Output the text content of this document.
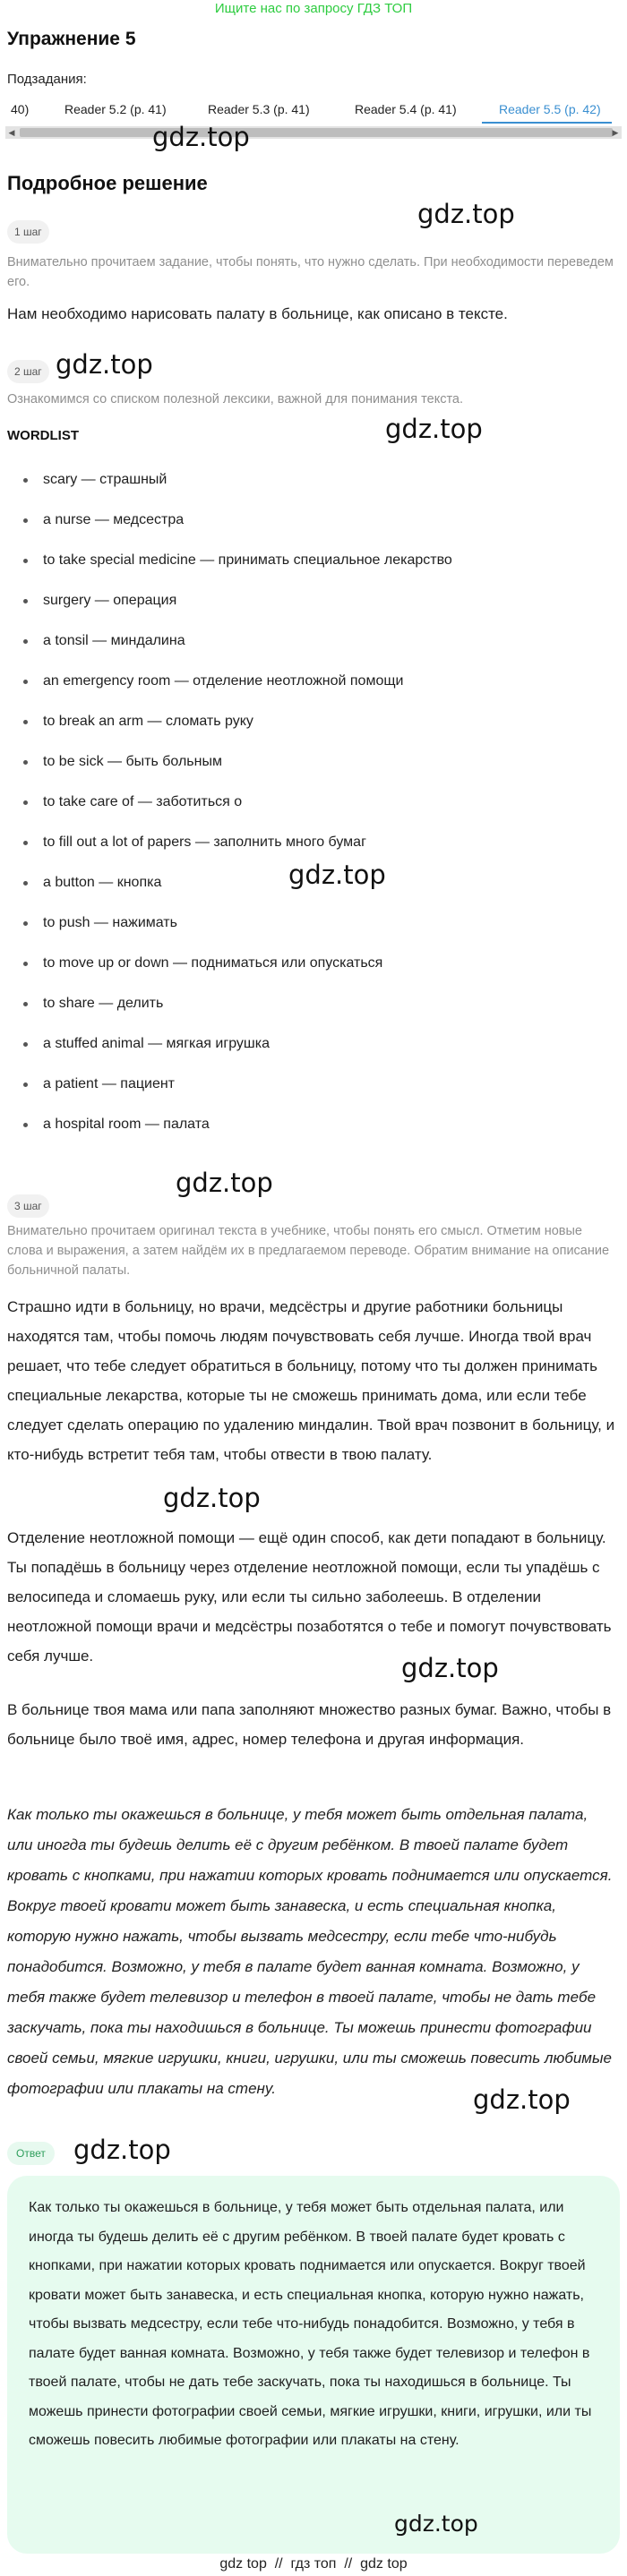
Ищите нас по запросу ГДЗ ТОП
Упражнение 5
Подзадания:
40)	Reader 5.2 (p. 41)	Reader 5.3 (p. 41)	Reader 5.4 (p. 41)	Reader 5.5 (p. 42)
◀	▶
gdz.top
Подробное решение
1 шаг
gdz.top
Внимательно прочитаем задание, чтобы понять, что нужно сделать. При необходимости переведем его.
Нам необходимо нарисовать палату в больнице, как описано в тексте.
2 шаг gdz.top
Ознакомимся со списком полезной лексики, важной для понимания текста.
WORDLIST	gdz.top
scary — страшный
a nurse — медсестра
to take special medicine — принимать специальное лекарство
surgery — операция
a tonsil — миндалина
an emergency room — отделение неотложной помощи
to break an arm — сломать руку
to be sick — быть больным
to take care of — заботиться о
to fill out a lot of papers — заполнить много бумаг
a button — кнопка
to push — нажимать
to move up or down — подниматься или опускаться
to share — делить
a stuffed animal — мягкая игрушка
a patient — пациент
a hospital room — палата
gdz.top
gdz.top
3 шаг
Внимательно прочитаем оригинал текста в учебнике, чтобы понять его смысл. Отметим новые слова и выражения, а затем найдём их в предлагаемом переводе. Обратим внимание на описание больничной палаты.

Страшно идти в больницу, но врачи, медсёстры и другие работники больницы находятся там, чтобы помочь людям почувствовать себя лучше. Иногда твой врач решает, что тебе следует обратиться в больницу, потому что ты должен принимать специальные лекарства, которые ты не сможешь принимать дома, или если тебе следует сделать операцию по удалению миндалин. Твой врач позвонит в больницу, и кто-нибудь встретит тебя там, чтобы отвести в твою палату.

gdz.top

Отделение неотложной помощи — ещё один способ, как дети попадают в больницу. Ты попадёшь в больницу через отделение неотложной помощи, если ты упадёшь с велосипеда и сломаешь руку, или если ты сильно заболеешь. В отделении неотложной помощи врачи и медсёстры позаботятся о тебе и помогут почувствовать себя лучше.	gdz.top

В больнице твоя мама или папа заполняют множество разных бумаг. Важно, чтобы в больнице было твоё имя, адрес, номер телефона и другая информация.

Как только ты окажешься в больнице, у тебя может быть отдельная палата, или иногда ты будешь делить её с другим ребёнком. В твоей палате будет кровать с кнопками, при нажатии которых кровать поднимается или опускается. Вокруг твоей кровати может быть занавеска, и есть специальная кнопка, которую нужно нажать, чтобы вызвать медсестру, если тебе что-нибудь понадобится. Возможно, у тебя в палате будет ванная комната. Возможно, у тебя также будет телевизор и телефон в твоей палате, чтобы не дать тебе заскучать, пока ты находишься в больнице. Ты можешь принести фотографии своей семьи, мягкие игрушки, книги, игрушки, или ты сможешь повесить любимые фотографии или плакаты на стену.	gdz.top
Ответ	gdz.top
Как только ты окажешься в больнице, у тебя может быть отдельная палата, или иногда ты будешь делить её с другим ребёнком. В твоей палате будет кровать с кнопками, при нажатии которых кровать поднимается или опускается. Вокруг твоей кровати может быть занавеска, и есть специальная кнопка, которую нужно нажать, чтобы вызвать медсестру, если тебе что-нибудь понадобится. Возможно, у тебя в палате будет ванная комната. Возможно, у тебя также будет телевизор и телефон в твоей палате, чтобы не дать тебе заскучать, пока ты находишься в больнице. Ты можешь принести фотографии своей семьи, мягкие игрушки, книги, игрушки, или ты сможешь повесить любимые фотографии или плакаты на стену.
gdz.top
gdz top  //  гдз топ  //  gdz top
